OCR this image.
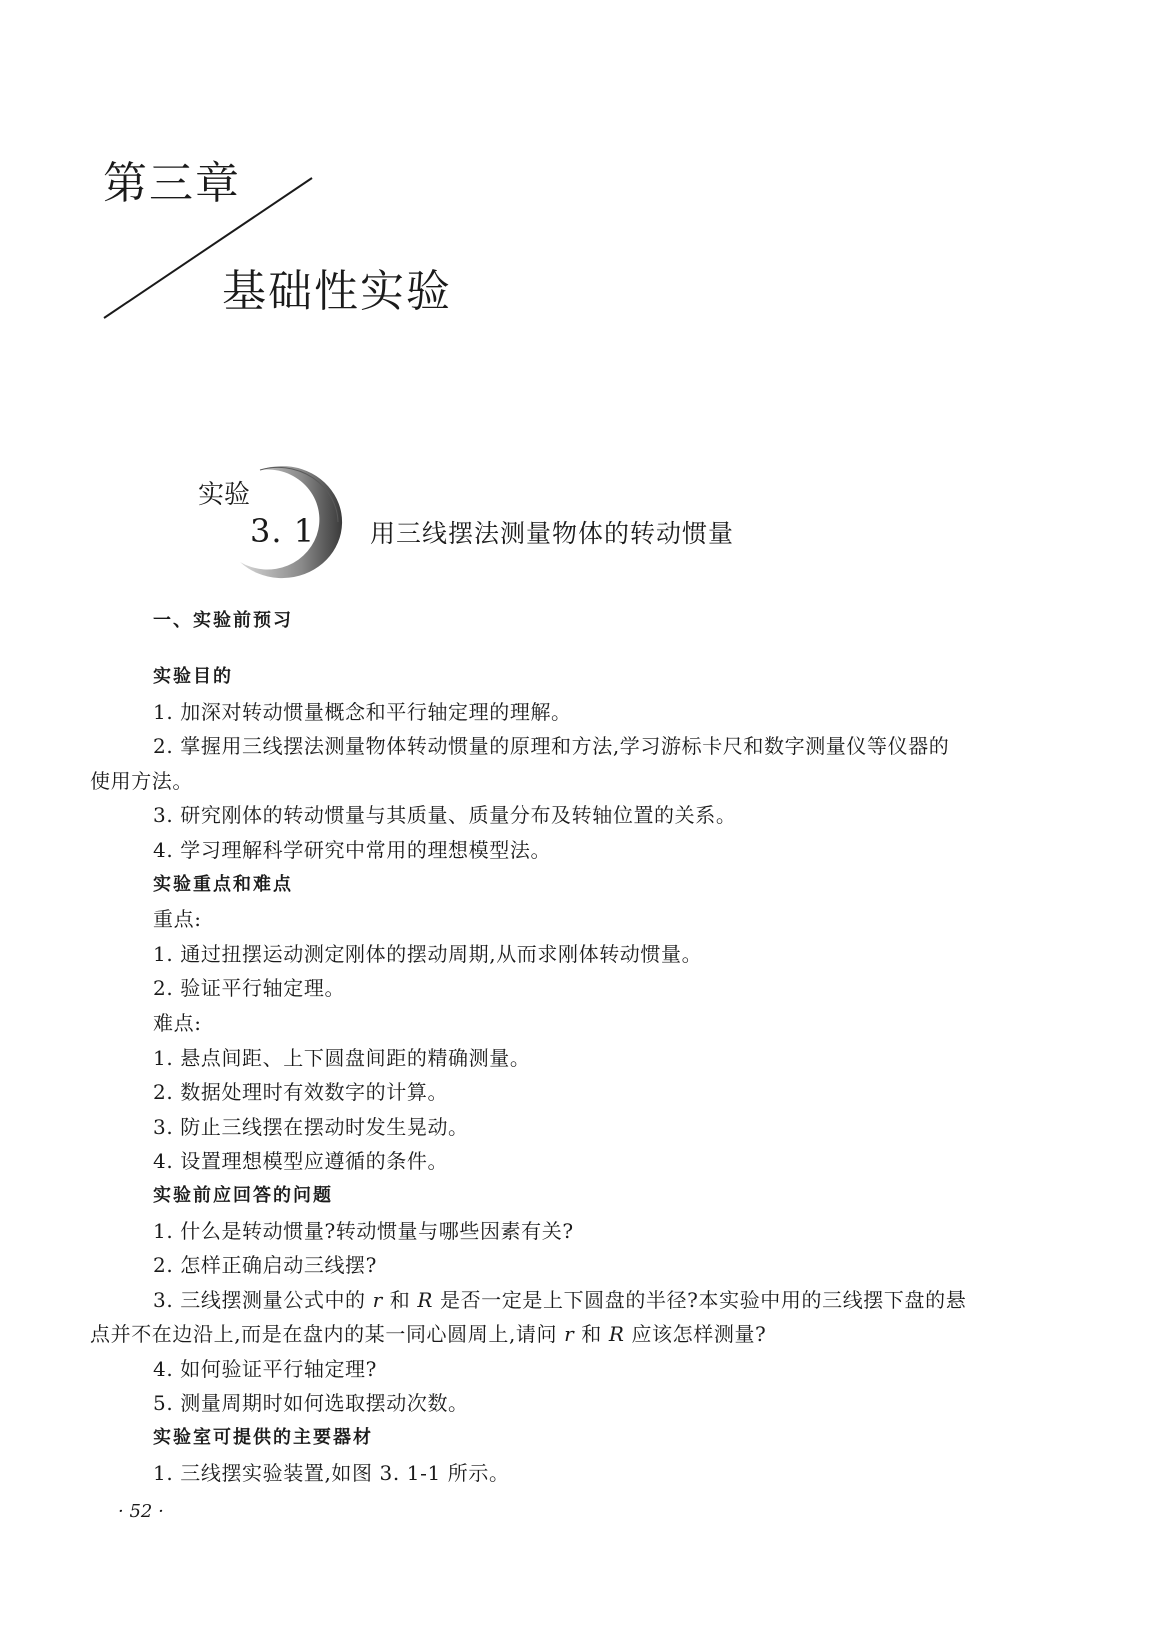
第三章
基础性实验
实验
3. 1 用三线摆法测量物体的转动惯量
一、实验前预习
实验目的
1. 加深对转动惯量概念和平行轴定理的理解。
2. 掌握用三线摆法测量物体转动惯量的原理和方法,学习游标卡尺和数字测量仪等仪器的
使用方法。
3. 研究刚体的转动惯量与其质量、质量分布及转轴位置的关系。
4. 学习理解科学研究中常用的理想模型法。
实验重点和难点
重点:
1. 通过扭摆运动测定刚体的摆动周期,从而求刚体转动惯量。
2. 验证平行轴定理。
难点:
1. 悬点间距、上下圆盘间距的精确测量。
2. 数据处理时有效数字的计算。
3. 防止三线摆在摆动时发生晃动。
4. 设置理想模型应遵循的条件。
实验前应回答的问题
1. 什么是转动惯量?转动惯量与哪些因素有关?
2. 怎样正确启动三线摆?
3. 三线摆测量公式中的 r 和 R 是否一定是上下圆盘的半径?本实验中用的三线摆下盘的悬
点并不在边沿上,而是在盘内的某一同心圆周上,请问 r 和 R 应该怎样测量?
4. 如何验证平行轴定理?
5. 测量周期时如何选取摆动次数。
实验室可提供的主要器材
1. 三线摆实验装置,如图 3. 1-1 所示。
· 52 ·
